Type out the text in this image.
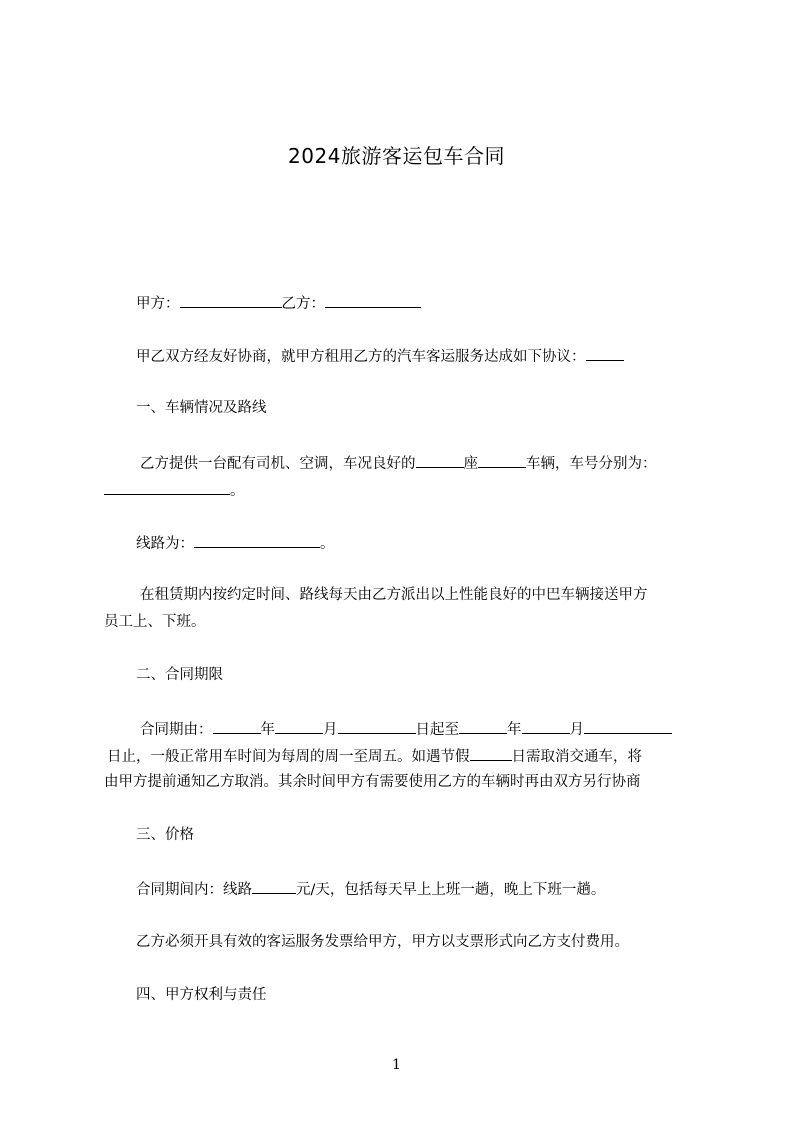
2024旅游客运包车合同
甲方：	乙方：
甲乙双方经友好协商，就甲方租用乙方的汽车客运服务达成如下协议：
一、车辆情况及路线
乙方提供一台配有司机、空调，车况良好的	座	车辆，车号分别为：
。
线路为：	。
在租赁期内按约定时间、路线每天由乙方派出以上性能良好的中巴车辆接送甲方
员工上、下班。
二、合同期限
合同期由：	年	月	日起至	年	月
日止，一般正常用车时间为每周的周一至周五。如遇节假	日需取消交通车，将
由甲方提前通知乙方取消。其余时间甲方有需要使用乙方的车辆时再由双方另行协商
三、价格
合同期间内：线路	元/天，包括每天早上上班一趟，晚上下班一趟。
乙方必须开具有效的客运服务发票给甲方，甲方以支票形式向乙方支付费用。
四、甲方权利与责任
1
